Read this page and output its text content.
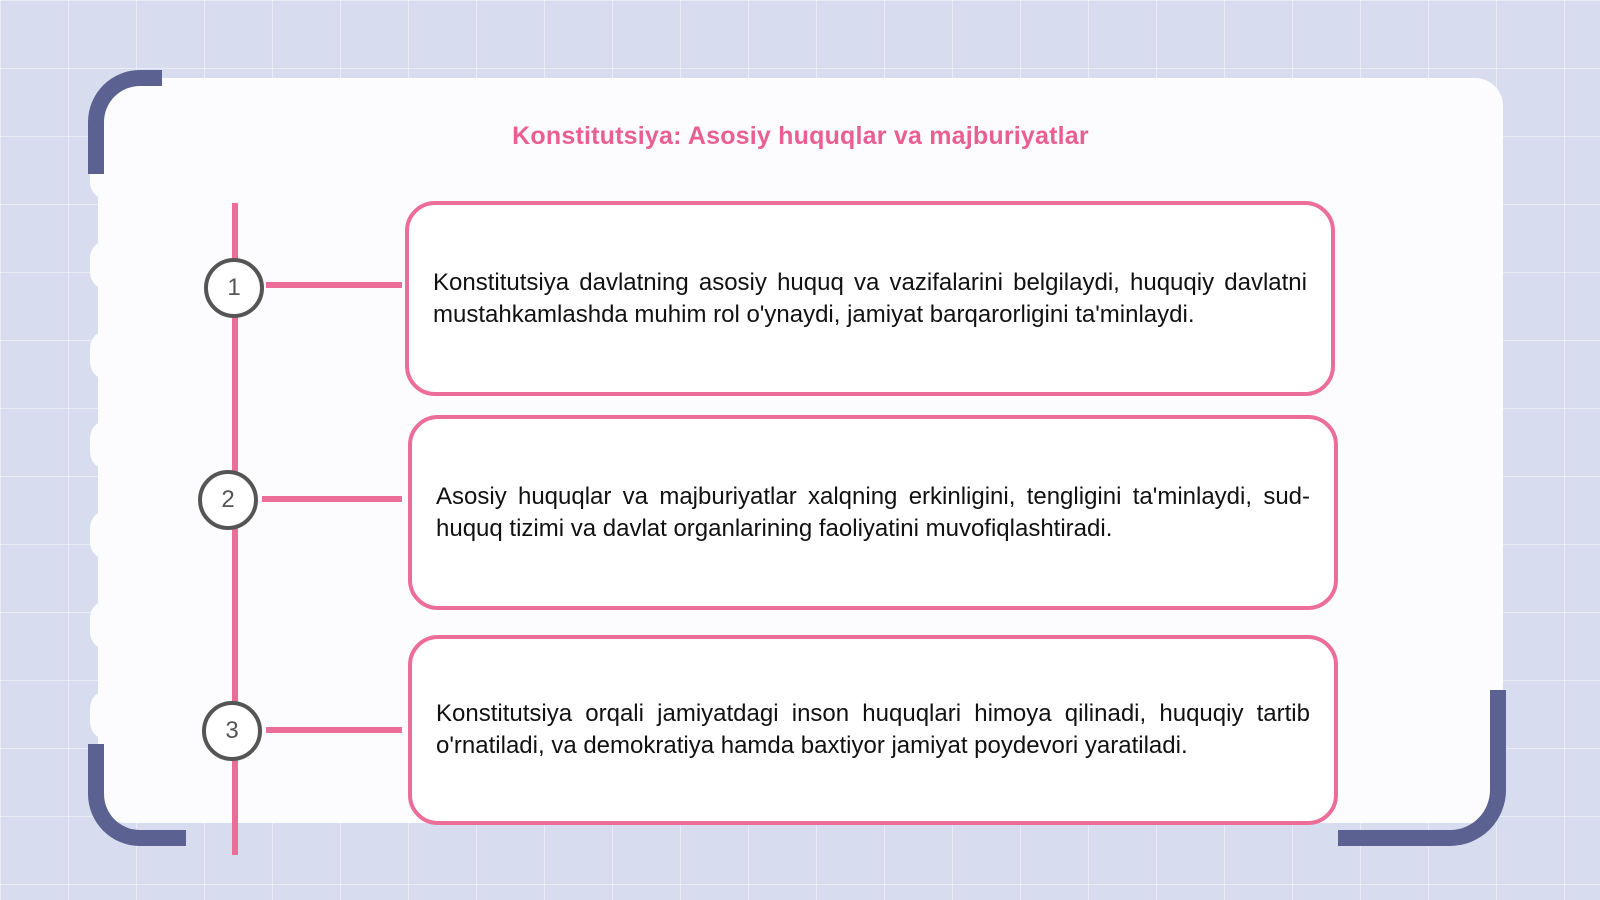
Konstitutsiya: Asosiy huquqlar va majburiyatlar
1	Konstitutsiya davlatning asosiy huquq va vazifalarini belgilaydi, huquqiy davlatni mustahkamlashda muhim rol o'ynaydi, jamiyat barqarorligini ta'minlaydi.

2	Asosiy huquqlar va majburiyatlar xalqning erkinligini, tengligini ta'minlaydi, sud-huquq tizimi va davlat organlarining faoliyatini muvofiqlashtiradi.

3

Konstitutsiya orqali jamiyatdagi inson huquqlari himoya qilinadi, huquqiy tartib o'rnatiladi, va demokratiya hamda baxtiyor jamiyat poydevori yaratiladi.
